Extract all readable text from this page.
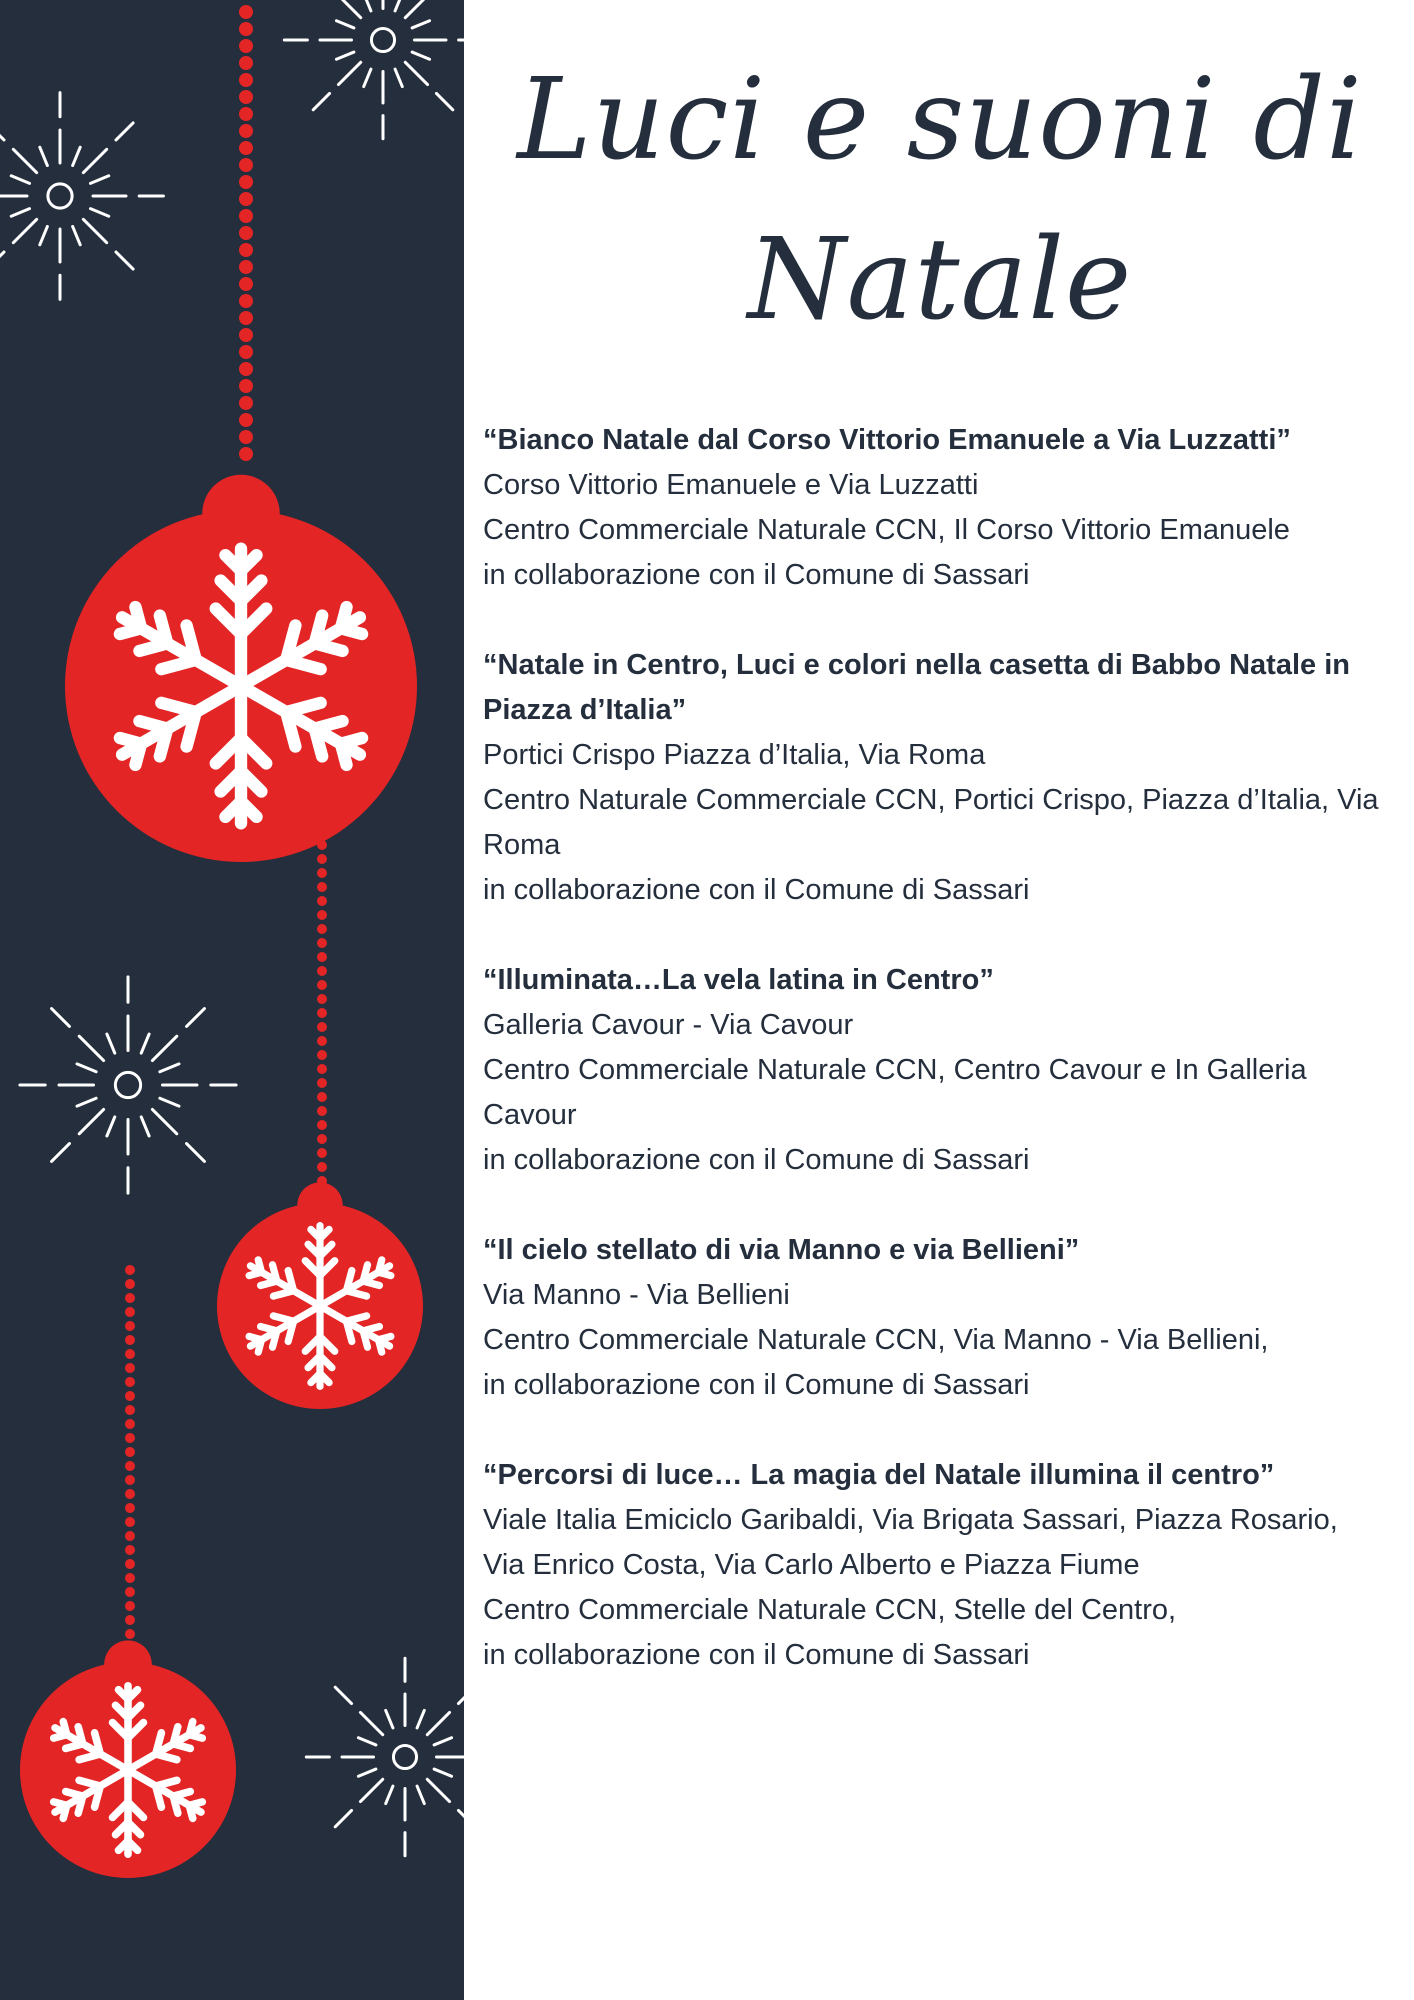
Luci e suoni di
Natale

“Bianco Natale dal Corso Vittorio Emanuele a Via Luzzatti”

Corso Vittorio Emanuele e Via Luzzatti

Centro Commerciale Naturale CCN, Il Corso Vittorio Emanuele

in collaborazione con il Comune di Sassari

“Natale in Centro, Luci e colori nella casetta di Babbo Natale in Piazza d’Italia”

Portici Crispo Piazza d’Italia, Via Roma

Centro Naturale Commerciale CCN, Portici Crispo, Piazza d’Italia, Via Roma

in collaborazione con il Comune di Sassari

“Illuminata…La vela latina in Centro”

Galleria Cavour - Via Cavour

Centro Commerciale Naturale CCN, Centro Cavour e In Galleria Cavour

in collaborazione con il Comune di Sassari

“Il cielo stellato di via Manno e via Bellieni”

Via Manno - Via Bellieni

Centro Commerciale Naturale CCN, Via Manno - Via Bellieni,

in collaborazione con il Comune di Sassari

“Percorsi di luce… La magia del Natale illumina il centro”

Viale Italia Emiciclo Garibaldi, Via Brigata Sassari, Piazza Rosario,

Via Enrico Costa, Via Carlo Alberto e Piazza Fiume

Centro Commerciale Naturale CCN, Stelle del Centro,

in collaborazione con il Comune di Sassari
